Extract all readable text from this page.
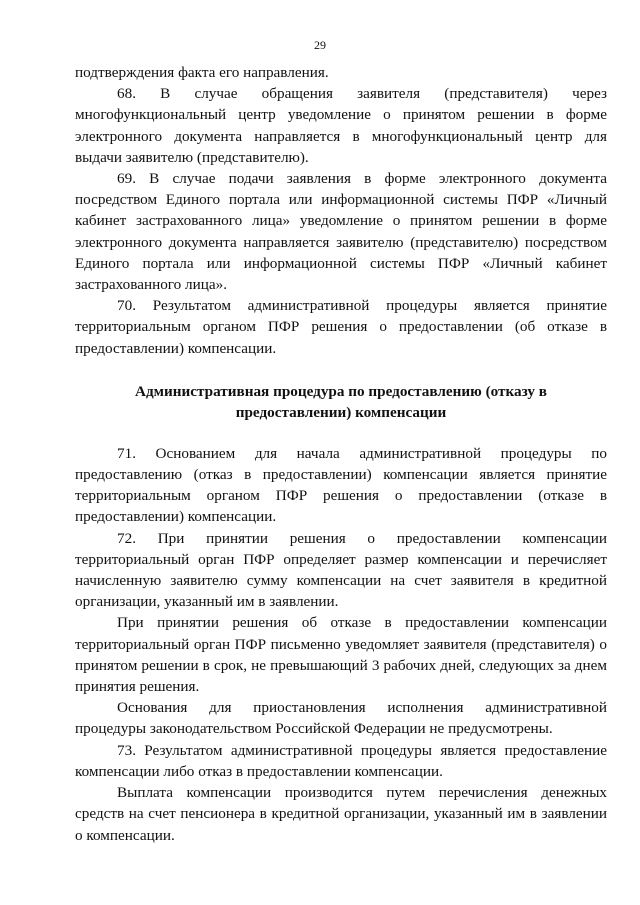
29

подтверждения факта его направления.

68. В случае обращения заявителя (представителя) через многофункциональный центр уведомление о принятом решении в форме электронного документа направляется в многофункциональный центр для выдачи заявителю (представителю).

69. В случае подачи заявления в форме электронного документа посредством Единого портала или информационной системы ПФР «Личный кабинет застрахованного лица» уведомление о принятом решении в форме электронного документа направляется заявителю (представителю) посредством Единого портала или информационной системы ПФР «Личный кабинет застрахованного лица».

70. Результатом административной процедуры является принятие территориальным органом ПФР решения о предоставлении (об отказе в предоставлении) компенсации.

Административная процедура по предоставлению (отказу в предоставлении) компенсации

71. Основанием для начала административной процедуры по предоставлению (отказ в предоставлении) компенсации является принятие территориальным органом ПФР решения о предоставлении (отказе в предоставлении) компенсации.

72. При принятии решения о предоставлении компенсации территориальный орган ПФР определяет размер компенсации и перечисляет начисленную заявителю сумму компенсации на счет заявителя в кредитной организации, указанный им в заявлении.

При принятии решения об отказе в предоставлении компенсации территориальный орган ПФР письменно уведомляет заявителя (представителя) о принятом решении в срок, не превышающий 3 рабочих дней, следующих за днем принятия решения.

Основания для приостановления исполнения административной процедуры законодательством Российской Федерации не предусмотрены.

73. Результатом административной процедуры является предоставление компенсации либо отказ в предоставлении компенсации.

Выплата компенсации производится путем перечисления денежных средств на счет пенсионера в кредитной организации, указанный им в заявлении о компенсации.
